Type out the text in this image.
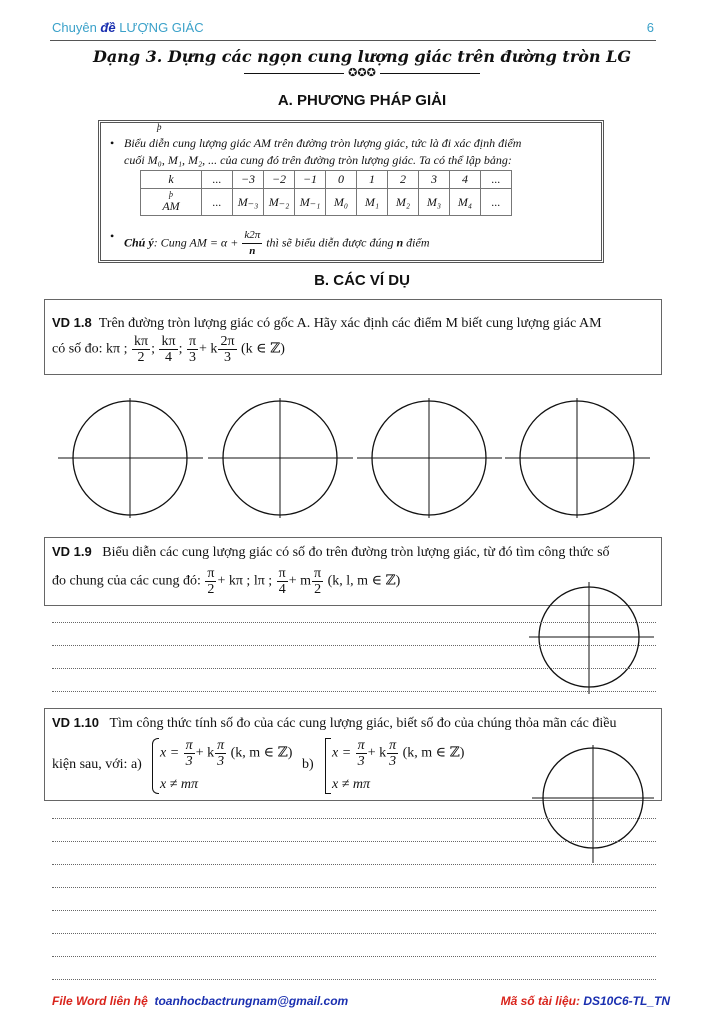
Chuyên đề LƯỢNG GIÁC	6
Dạng 3. Dựng các ngọn cung lượng giác trên đường tròn LG
✪✪✪
A. PHƯƠNG PHÁP GIẢI
þ
• Biểu diễn cung lượng giác AM trên đường tròn lượng giác, tức là đi xác định điểm
cuối M₀, M₁, M₂, ... của cung đó trên đường tròn lượng giác. Ta có thể lập bảng:
k	...	−3	−2	−1	0	1	2	3	4	...

þ
AM	...	M₋₃	M₋₂	M₋₁	M₀	M₁	M₂	M₃	M₄	...
• Chú ý: Cung AM = $\alpha + \frac{k2\pi}{n}$ thì sẽ biểu diễn được đúng n điểm
B. CÁC VÍ DỤ
VD 1.8 Trên đường tròn lượng giác có gốc A. Hãy xác định các điểm M biết cung lượng giác AM
có số đo: kπ ; $\frac{k\pi}{2}$ ; $\frac{k\pi}{4}$ ; $\frac{\pi}{3} + k \frac{2\pi}{3} (k$ ∈ ℤ)
VD 1.9 Biểu diễn các cung lượng giác có số đo trên đường tròn lượng giác, từ đó tìm công thức số
đo chung của các cung đó: $\frac{\pi}{2} + k\pi$ ; lπ ; $\frac{\pi}{4} + m \frac{\pi}{2} (k$, l, m ∈ ℤ)
VD 1.10 Tìm công thức tính số đo của các cung lượng giác, biết số đo của chúng thỏa mãn các điều
kiện sau, với: a)
$x = \frac{\pi}{3} + k \frac{\pi}{3} (k$, m ∈ ℤ)
x ≠ mπ
b)
$x = \frac{\pi}{3} + k \frac{\pi}{3} (k$, m ∈ ℤ)
x ≠ mπ
File Word liên hệ toanhocbactrungnam@gmail.com	Mã số tài liệu: DS10C6-TL_TN
